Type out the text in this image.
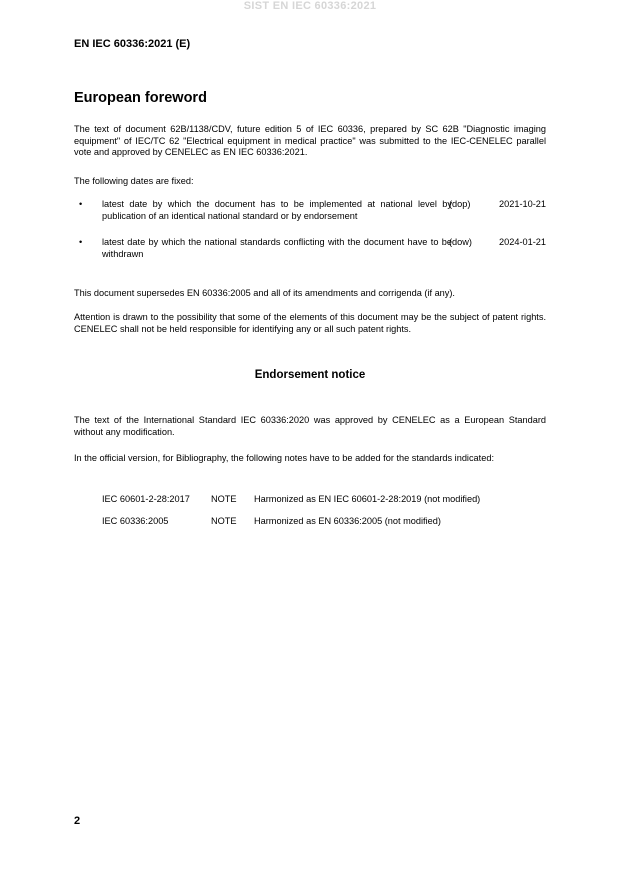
SIST EN IEC 60336:2021
EN IEC 60336:2021 (E)
European foreword

The text of document 62B/1138/CDV, future edition 5 of IEC 60336, prepared by SC 62B "Diagnostic imaging equipment" of IEC/TC 62 "Electrical equipment in medical practice" was submitted to the IEC-CENELEC parallel vote and approved by CENELEC as EN IEC 60336:2021.

The following dates are fixed:

• latest date by which the document has to be implemented at national level by publication of an identical national standard or by endorsement
(dop)	2021-10-21
• latest date by which the national standards conflicting with the document have to be withdrawn
(dow)	2024-01-21

This document supersedes EN 60336:2005 and all of its amendments and corrigenda (if any).

Attention is drawn to the possibility that some of the elements of this document may be the subject of patent rights. CENELEC shall not be held responsible for identifying any or all such patent rights.

Endorsement notice

The text of the International Standard IEC 60336:2020 was approved by CENELEC as a European Standard without any modification.

In the official version, for Bibliography, the following notes have to be added for the standards indicated:

IEC 60601-2-28:2017 NOTE Harmonized as EN IEC 60601-2-28:2019 (not modified)
IEC 60336:2005	NOTE Harmonized as EN 60336:2005 (not modified)
2
